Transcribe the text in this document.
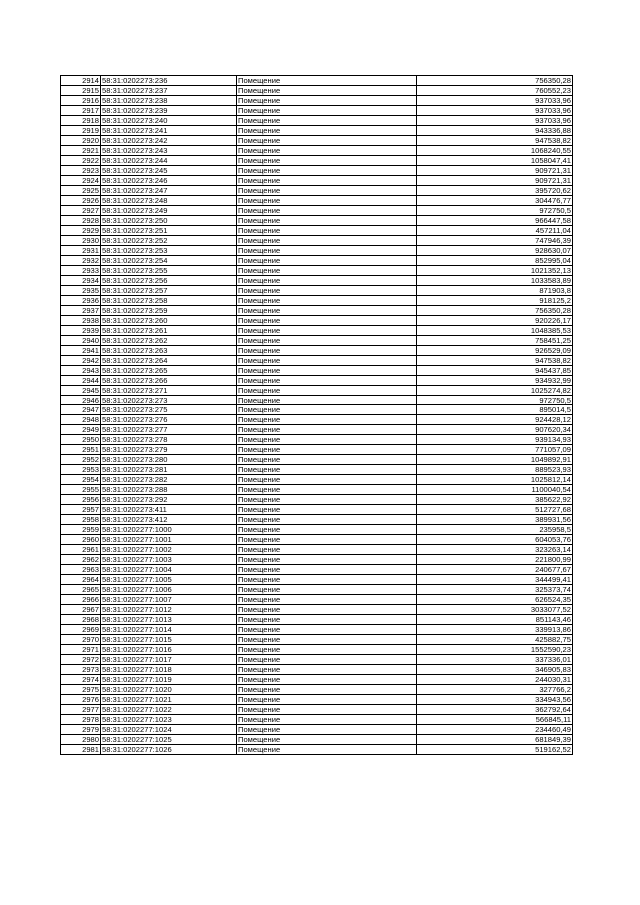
2914	58:31:0202273:236	Помещение	756350,28
2915	58:31:0202273:237	Помещение	760552,23
2916	58:31:0202273:238	Помещение	937033,96
2917	58:31:0202273:239	Помещение	937033,96
2918	58:31:0202273:240	Помещение	937033,96
2919	58:31:0202273:241	Помещение	943336,88
2920	58:31:0202273:242	Помещение	947538,82
2921	58:31:0202273:243	Помещение	1068240,55
2922	58:31:0202273:244	Помещение	1058047,41
2923	58:31:0202273:245	Помещение	909721,31
2924	58:31:0202273:246	Помещение	909721,31
2925	58:31:0202273:247	Помещение	395720,62
2926	58:31:0202273:248	Помещение	304476,77
2927	58:31:0202273:249	Помещение	972750,5
2928	58:31:0202273:250	Помещение	966447,58
2929	58:31:0202273:251	Помещение	457211,04
2930	58:31:0202273:252	Помещение	747946,39
2931	58:31:0202273:253	Помещение	928630,07
2932	58:31:0202273:254	Помещение	852995,04
2933	58:31:0202273:255	Помещение	1021352,13
2934	58:31:0202273:256	Помещение	1033583,89
2935	58:31:0202273:257	Помещение	871903,8
2936	58:31:0202273:258	Помещение	918125,2
2937	58:31:0202273:259	Помещение	756350,28
2938	58:31:0202273:260	Помещение	920226,17
2939	58:31:0202273:261	Помещение	1048385,53
2940	58:31:0202273:262	Помещение	758451,25
2941	58:31:0202273:263	Помещение	926529,09
2942	58:31:0202273:264	Помещение	947538,82
2943	58:31:0202273:265	Помещение	945437,85
2944	58:31:0202273:266	Помещение	934932,99
2945	58:31:0202273:271	Помещение	1025274,82
2946	58:31:0202273:273	Помещение	972750,5
2947	58:31:0202273:275	Помещение	895014,5
2948	58:31:0202273:276	Помещение	924428,12
2949	58:31:0202273:277	Помещение	907620,34
2950	58:31:0202273:278	Помещение	939134,93
2951	58:31:0202273:279	Помещение	771057,09
2952	58:31:0202273:280	Помещение	1049892,91
2953	58:31:0202273:281	Помещение	889523,93
2954	58:31:0202273:282	Помещение	1025812,14
2955	58:31:0202273:288	Помещение	1100040,54
2956	58:31:0202273:292	Помещение	385622,92
2957	58:31:0202273:411	Помещение	512727,68
2958	58:31:0202273:412	Помещение	389931,56
2959	58:31:0202277:1000	Помещение	235958,5
2960	58:31:0202277:1001	Помещение	604053,76
2961	58:31:0202277:1002	Помещение	323263,14
2962	58:31:0202277:1003	Помещение	221800,99
2963	58:31:0202277:1004	Помещение	240677,67
2964	58:31:0202277:1005	Помещение	344499,41
2965	58:31:0202277:1006	Помещение	325373,74
2966	58:31:0202277:1007	Помещение	626524,35
2967	58:31:0202277:1012	Помещение	3033077,52
2968	58:31:0202277:1013	Помещение	851143,46
2969	58:31:0202277:1014	Помещение	339913,86
2970	58:31:0202277:1015	Помещение	425882,75
2971	58:31:0202277:1016	Помещение	1552590,23
2972	58:31:0202277:1017	Помещение	337336,01
2973	58:31:0202277:1018	Помещение	346905,83
2974	58:31:0202277:1019	Помещение	244030,31
2975	58:31:0202277:1020	Помещение	327766,2
2976	58:31:0202277:1021	Помещение	334943,56
2977	58:31:0202277:1022	Помещение	362792,64
2978	58:31:0202277:1023	Помещение	566845,11
2979	58:31:0202277:1024	Помещение	234460,49
2980	58:31:0202277:1025	Помещение	681849,39
2981	58:31:0202277:1026	Помещение	519162,52
